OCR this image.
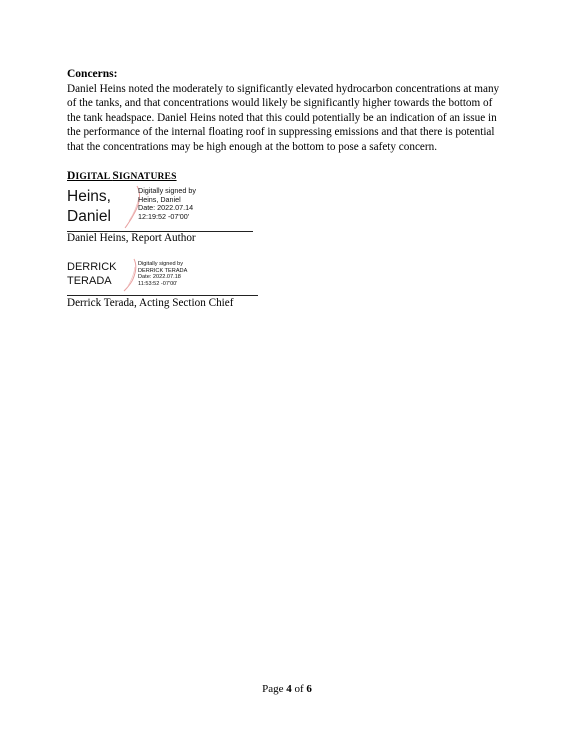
Concerns:
Daniel Heins noted the moderately to significantly elevated hydrocarbon concentrations at many of the tanks, and that concentrations would likely be significantly higher towards the bottom of the tank headspace. Daniel Heins noted that this could potentially be an indication of an issue in the performance of the internal floating roof in suppressing emissions and that there is potential that the concentrations may be high enough at the bottom to pose a safety concern.
DIGITAL SIGNATURES
Heins,
Daniel
Digitally signed by
Heins, Daniel
Date: 2022.07.14
12:19:52 -07'00'
Daniel Heins, Report Author
DERRICK
TERADA
Digitally signed by
DERRICK TERADA
Date: 2022.07.18
11:53:52 -07'00'
Derrick Terada, Acting Section Chief
Page 4 of 6
